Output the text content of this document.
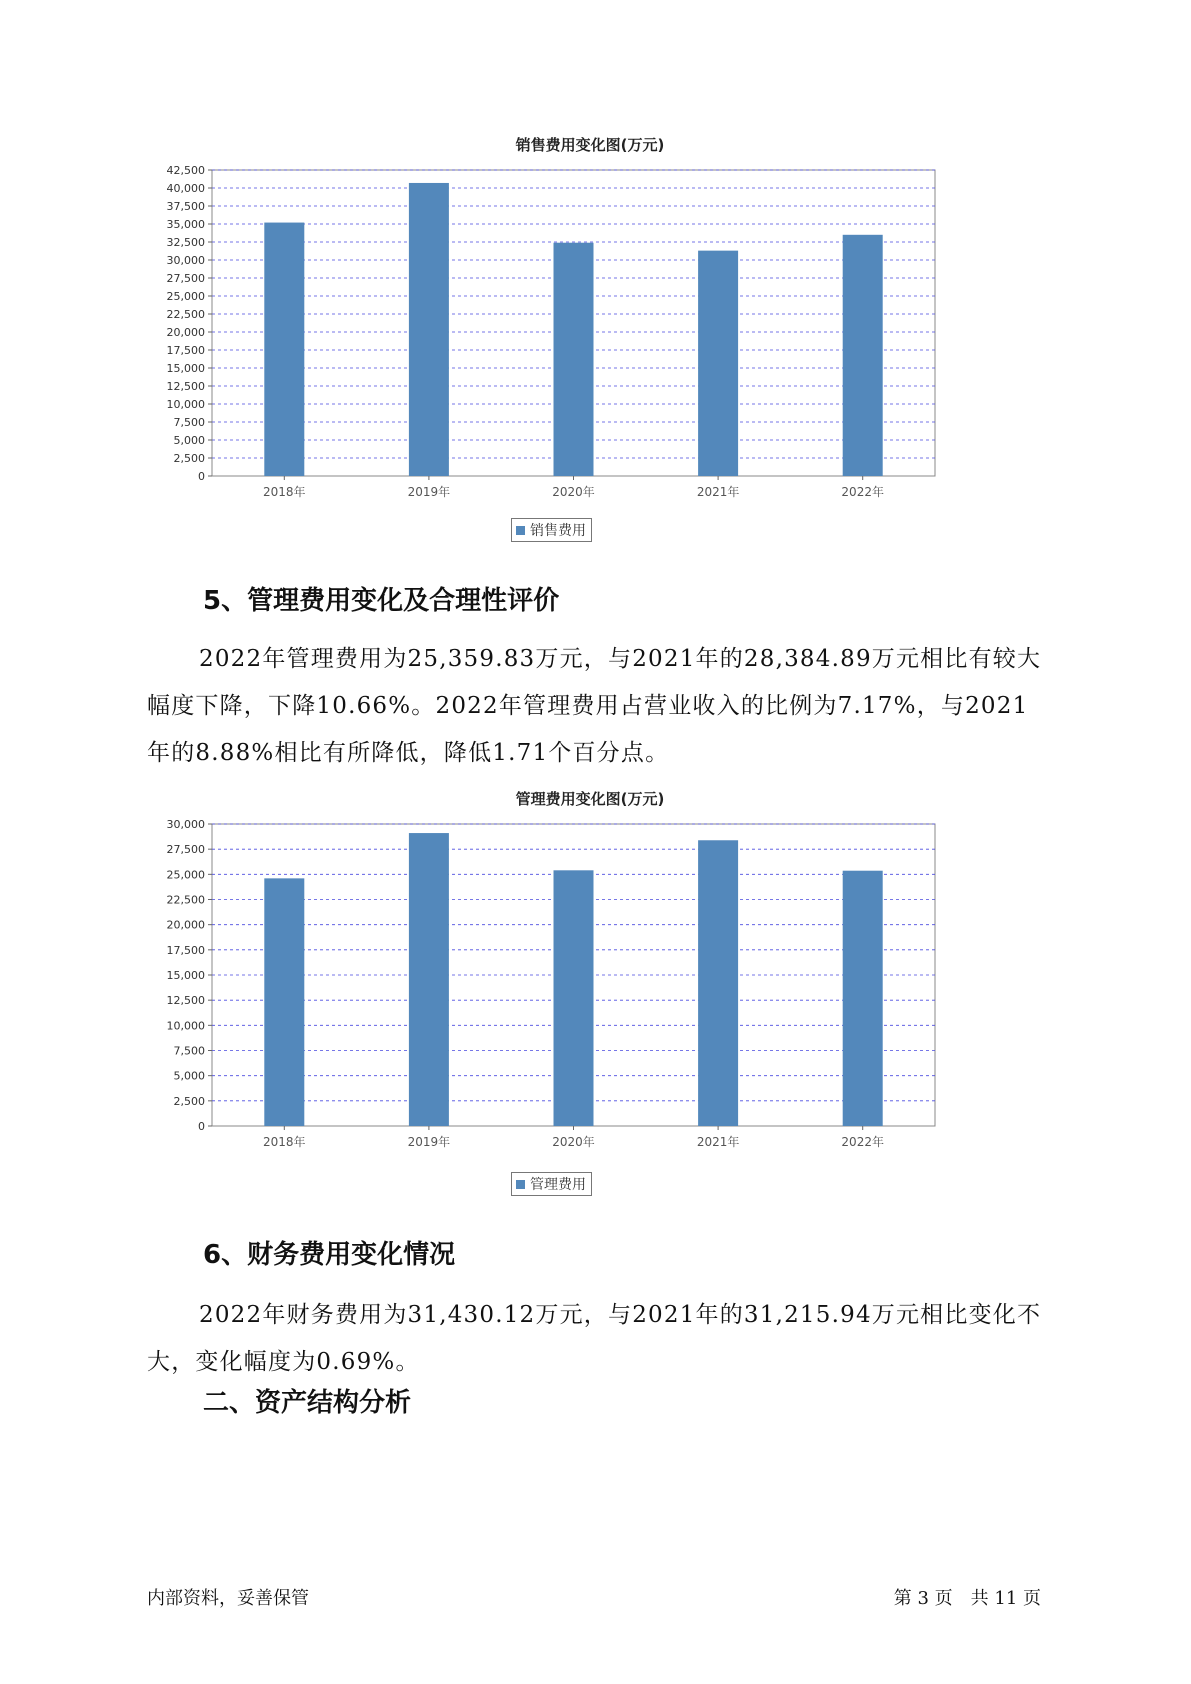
销售费用变化图(万元)
0
2,500
5,000
7,500
10,000
12,500
15,000
17,500
20,000
22,500
25,000
27,500
30,000
32,500
35,000
37,500
40,000
42,500
2018年	2019年	2020年	2021年	2022年
销售费用
5、管理费用变化及合理性评价

2022年管理费用为25,359.83万元，与2021年的28,384.89万元相比有较大幅度下降，下降10.66%。2022年管理费用占营业收入的比例为7.17%，与2021年的8.88%相比有所降低，降低1.71个百分点。

管理费用变化图(万元)
0
2,500
5,000
7,500
10,000
12,500
15,000
17,500
20,000
22,500
25,000
27,500
30,000
2018年	2019年	2020年	2021年	2022年
管理费用
6、财务费用变化情况

2022年财务费用为31,430.12万元，与2021年的31,215.94万元相比变化不大，变化幅度为0.69%。

二、资产结构分析
内部资料，妥善保管	第 3 页　共 11 页
